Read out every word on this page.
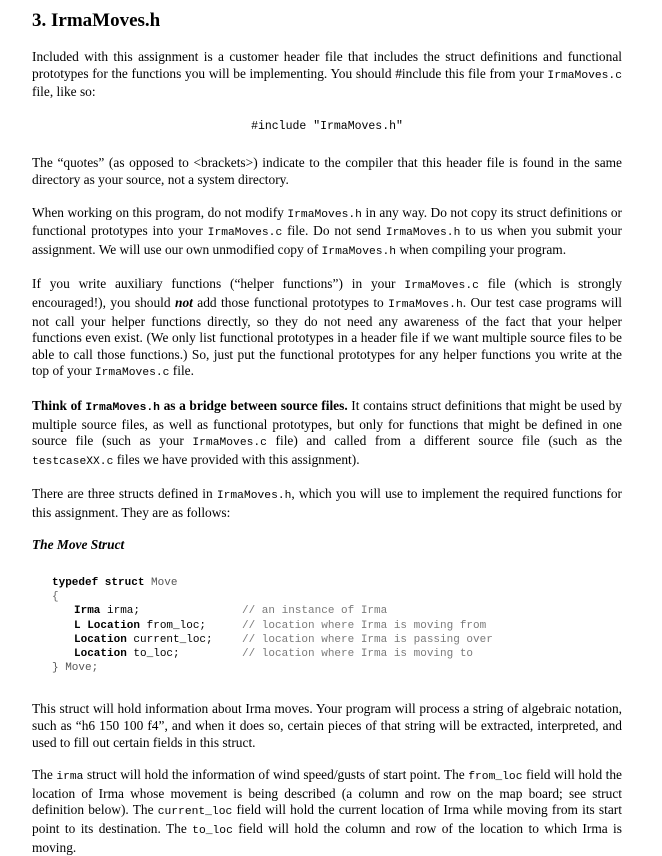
3. IrmaMoves.h

Included with this assignment is a customer header file that includes the struct definitions and functional prototypes for the functions you will be implementing. You should #include this file from your IrmaMoves.c file, like so:

#include "IrmaMoves.h"

The “quotes” (as opposed to <brackets>) indicate to the compiler that this header file is found in the same directory as your source, not a system directory.

When working on this program, do not modify IrmaMoves.h in any way. Do not copy its struct definitions or functional prototypes into your IrmaMoves.c file. Do not send IrmaMoves.h to us when you submit your assignment. We will use our own unmodified copy of IrmaMoves.h when compiling your program.

If you write auxiliary functions (“helper functions”) in your IrmaMoves.c file (which is strongly encouraged!), you should not add those functional prototypes to IrmaMoves.h. Our test case programs will not call your helper functions directly, so they do not need any awareness of the fact that your helper functions even exist. (We only list functional prototypes in a header file if we want multiple source files to be able to call those functions.) So, just put the functional prototypes for any helper functions you write at the top of your IrmaMoves.c file.

Think of IrmaMoves.h as a bridge between source files. It contains struct definitions that might be used by multiple source files, as well as functional prototypes, but only for functions that might be defined in one source file (such as your IrmaMoves.c file) and called from a different source file (such as the testcaseXX.c files we have provided with this assignment).

There are three structs defined in IrmaMoves.h, which you will use to implement the required functions for this assignment. They are as follows:

The Move Struct
typedef struct Move
{
Irma irma;	// an instance of Irma
L Location from_loc;	// location where Irma is moving from
Location current_loc;	// location where Irma is passing over
Location to_loc;	// location where Irma is moving to
} Move;

This struct will hold information about Irma moves. Your program will process a string of algebraic notation, such as “h6 150 100 f4”, and when it does so, certain pieces of that string will be extracted, interpreted, and used to fill out certain fields in this struct.

The irma struct will hold the information of wind speed/gusts of start point. The from_loc field will hold the location of Irma whose movement is being described (a column and row on the map board; see struct definition below). The current_loc field will hold the current location of Irma while moving from its start point to its destination. The to_loc field will hold the column and row of the location to which Irma is moving.
